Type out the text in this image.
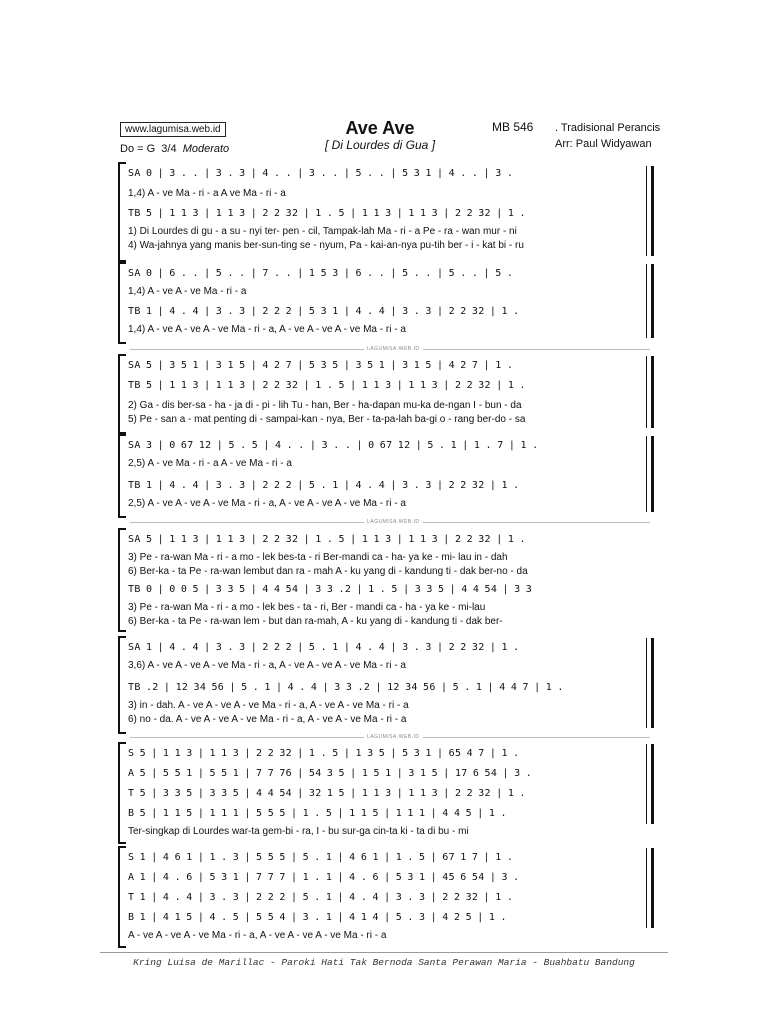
www.lagumisa.web.id
Do = G 3/4 Moderato
Ave Ave
[ Di Lourdes di Gua ]
MB 546 . Tradisional Perancis
Arr: Paul Widyawan
SA 0 | 3 . . | 3 . 3 | 4 . . | 3 . . | 5 . . | 5 3 1 | 4 . . | 3 .
1,4) A - ve Ma - ri - a A ve Ma - ri - a
TB 5 | 1 1 3 | 1 1 3 | 2 2 32 | 1 . 5 | 1 1 3 | 1 1 3 | 2 2 32 | 1 .
1) Di Lourdes di gu - a su - nyi ter- pen - cil, Tampak-lah Ma - ri - a Pe - ra - wan mur - ni
4) Wa-jahnya yang manis ber-sun-ting se - nyum, Pa - kai-an-nya pu-tih ber - i - kat bi - ru
SA 0 | 6 . . | 5 . . | 7 . . | 1 5 3 | 6 . . | 5 . . | 5 . . | 5 .
1,4) A - ve A - ve Ma - ri - a
TB 1 | 4 . 4 | 3 . 3 | 2 2 2 | 5 3 1 | 4 . 4 | 3 . 3 | 2 2 32 | 1 .
1,4) A - ve A - ve A - ve Ma - ri - a, A - ve A - ve A - ve Ma - ri - a
LAGUMISA.WEB.ID
SA 5 | 3 5 1 | 3 1 5 | 4 2 7 | 5 3 5 | 3 5 1 | 3 1 5 | 4 2 7 | 1 .
TB 5 | 1 1 3 | 1 1 3 | 2 2 32 | 1 . 5 | 1 1 3 | 1 1 3 | 2 2 32 | 1 .
2) Ga - dis ber-sa - ha - ja di - pi - lih Tu - han, Ber - ha-dapan mu-ka de-ngan I - bun - da
5) Pe - san a - mat penting di - sampai-kan - nya, Ber - ta-pa-lah ba-gi o - rang ber-do - sa
SA 3 | 0 67 12 | 5 . 5 | 4 . . | 3 . . | 0 67 12 | 5 . 1 | 1 . 7 | 1 .
2,5) A - ve Ma - ri - a A - ve Ma - ri - a
TB 1 | 4 . 4 | 3 . 3 | 2 2 2 | 5 . 1 | 4 . 4 | 3 . 3 | 2 2 32 | 1 .
2,5) A - ve A - ve A - ve Ma - ri - a, A - ve A - ve A - ve Ma - ri - a
LAGUMISA.WEB.ID
SA 5 | 1 1 3 | 1 1 3 | 2 2 32 | 1 . 5 | 1 1 3 | 1 1 3 | 2 2 32 | 1 .
3) Pe - ra-wan Ma - ri - a mo - lek bes-ta - ri Ber-mandi ca - ha- ya ke - mi- lau in - dah
6) Ber-ka - ta Pe - ra-wan lembut dan ra - mah A - ku yang di - kandung ti - dak ber-no - da
TB 0 | 0 0 5 | 3 3 5 | 4 4 54 | 3 3 .2 | 1 . 5 | 3 3 5 | 4 4 54 | 3 3
3) Pe - ra-wan Ma - ri - a mo - lek bes - ta - ri, Ber - mandi ca - ha - ya ke - mi-lau
6) Ber-ka - ta Pe - ra-wan lem - but dan ra-mah, A - ku yang di - kandung ti - dak ber-
SA 1 | 4 . 4 | 3 . 3 | 2 2 2 | 5 . 1 | 4 . 4 | 3 . 3 | 2 2 32 | 1 .
3,6) A - ve A - ve A - ve Ma - ri - a, A - ve A - ve A - ve Ma - ri - a
TB .2 | 12 34 56 | 5 . 1 | 4 . 4 | 3 3 .2 | 12 34 56 | 5 . 1 | 4 4 7 | 1 .
3) in - dah. A - ve A - ve A - ve Ma - ri - a, A - ve A - ve Ma - ri - a
6) no - da. A - ve A - ve A - ve Ma - ri - a, A - ve A - ve Ma - ri - a
LAGUMISA.WEB.ID
S 5 | 1 1 3 | 1 1 3 | 2 2 32 | 1 . 5 | 1 3 5 | 5 3 1 | 65 4 7 | 1 .
A 5 | 5 5 1 | 5 5 1 | 7 7 76 | 54 3 5 | 1 5 1 | 3 1 5 | 17 6 54 | 3 .
T 5 | 3 3 5 | 3 3 5 | 4 4 54 | 32 1 5 | 1 1 3 | 1 1 3 | 2 2 32 | 1 .
B 5 | 1 1 5 | 1 1 1 | 5 5 5 | 1 . 5 | 1 1 5 | 1 1 1 | 4 4 5 | 1 .
Ter-singkap di Lourdes war-ta gem-bi - ra, I - bu sur-ga cin-ta ki - ta di bu - mi
S 1 | 4 6 1 | 1 . 3 | 5 5 5 | 5 . 1 | 4 6 1 | 1 . 5 | 67 1 7 | 1 .
A 1 | 4 . 6 | 5 3 1 | 7 7 7 | 1 . 1 | 4 . 6 | 5 3 1 | 45 6 54 | 3 .
T 1 | 4 . 4 | 3 . 3 | 2 2 2 | 5 . 1 | 4 . 4 | 3 . 3 | 2 2 32 | 1 .
B 1 | 4 1 5 | 4 . 5 | 5 5 4 | 3 . 1 | 4 1 4 | 5 . 3 | 4 2 5 | 1 .
A - ve A - ve A - ve Ma - ri - a, A - ve A - ve A - ve Ma - ri - a
Kring Luisa de Marillac - Paroki Hati Tak Bernoda Santa Perawan Maria - Buahbatu Bandung
